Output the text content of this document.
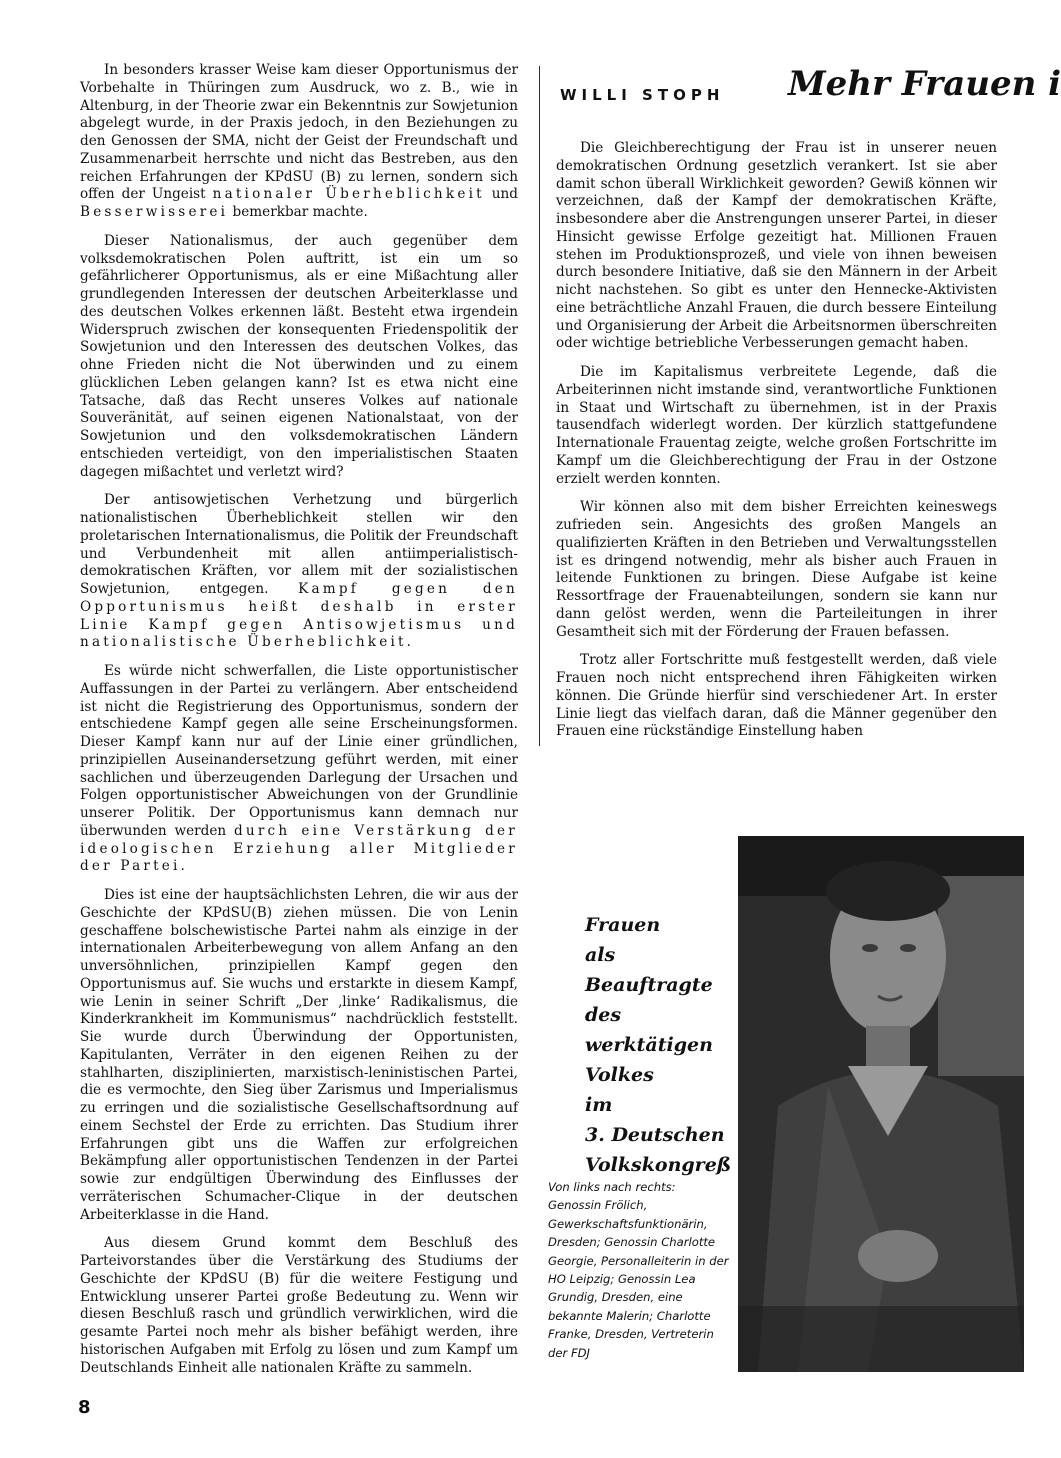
In besonders krasser Weise kam dieser Opportunismus der Vorbehalte in Thüringen zum Ausdruck, wo z. B., wie in Altenburg, in der Theorie zwar ein Bekenntnis zur Sowjetunion abgelegt wurde, in der Praxis jedoch, in den Beziehungen zu den Genossen der SMA, nicht der Geist der Freundschaft und Zusammenarbeit herrschte und nicht das Bestreben, aus den reichen Erfahrungen der KPdSU (B) zu lernen, sondern sich offen der Ungeist nationaler Überheblichkeit und Besserwisserei bemerkbar machte.

Dieser Nationalismus, der auch gegenüber dem volksdemokratischen Polen auftritt, ist ein um so gefährlicherer Opportunismus, als er eine Mißachtung aller grundlegenden Interessen der deutschen Arbeiterklasse und des deutschen Volkes erkennen läßt. Besteht etwa irgendein Widerspruch zwischen der konsequenten Friedenspolitik der Sowjetunion und den Interessen des deutschen Volkes, das ohne Frieden nicht die Not überwinden und zu einem glücklichen Leben gelangen kann? Ist es etwa nicht eine Tatsache, daß das Recht unseres Volkes auf nationale Souveränität, auf seinen eigenen Nationalstaat, von der Sowjetunion und den volksdemokratischen Ländern entschieden verteidigt, von den imperialistischen Staaten dagegen mißachtet und verletzt wird?

Der antisowjetischen Verhetzung und bürgerlich nationalistischen Überheblichkeit stellen wir den proletarischen Internationalismus, die Politik der Freundschaft und Verbundenheit mit allen antiimperialistisch-demokratischen Kräften, vor allem mit der sozialistischen Sowjetunion, entgegen. Kampf gegen den Opportunismus heißt deshalb in erster Linie Kampf gegen Antisowjetismus und nationalistische Überheblichkeit.

Es würde nicht schwerfallen, die Liste opportunistischer Auffassungen in der Partei zu verlängern. Aber entscheidend ist nicht die Registrierung des Opportunismus, sondern der entschiedene Kampf gegen alle seine Erscheinungsformen. Dieser Kampf kann nur auf der Linie einer gründlichen, prinzipiellen Auseinandersetzung geführt werden, mit einer sachlichen und überzeugenden Darlegung der Ursachen und Folgen opportunistischer Abweichungen von der Grundlinie unserer Politik. Der Opportunismus kann demnach nur überwunden werden durch eine Verstärkung der ideologischen Erziehung aller Mitglieder der Partei.

Dies ist eine der hauptsächlichsten Lehren, die wir aus der Geschichte der KPdSU(B) ziehen müssen. Die von Lenin geschaffene bolschewistische Partei nahm als einzige in der internationalen Arbeiterbewegung von allem Anfang an den unversöhnlichen, prinzipiellen Kampf gegen den Opportunismus auf. Sie wuchs und erstarkte in diesem Kampf, wie Lenin in seiner Schrift „Der ‚linke‘ Radikalismus, die Kinderkrankheit im Kommunismus“ nachdrücklich feststellt. Sie wurde durch Überwindung der Opportunisten, Kapitulanten, Verräter in den eigenen Reihen zu der stahlharten, disziplinierten, marxistisch-leninistischen Partei, die es vermochte, den Sieg über Zarismus und Imperialismus zu erringen und die sozialistische Gesellschaftsordnung auf einem Sechstel der Erde zu errichten. Das Studium ihrer Erfahrungen gibt uns die Waffen zur erfolgreichen Bekämpfung aller opportunistischen Tendenzen in der Partei sowie zur endgültigen Überwindung des Einflusses der verräterischen Schumacher-Clique in der deutschen Arbeiterklasse in die Hand.

Aus diesem Grund kommt dem Beschluß des Parteivorstandes über die Verstärkung des Studiums der Geschichte der KPdSU (B) für die weitere Festigung und Entwicklung unserer Partei große Bedeutung zu. Wenn wir diesen Beschluß rasch und gründlich verwirklichen, wird die gesamte Partei noch mehr als bisher befähigt werden, ihre historischen Aufgaben mit Erfolg zu lösen und zum Kampf um Deutschlands Einheit alle nationalen Kräfte zu sammeln.

WILLI STOPH Mehr Frauen i

Die Gleichberechtigung der Frau ist in unserer neuen demokratischen Ordnung gesetzlich verankert. Ist sie aber damit schon überall Wirklichkeit geworden? Gewiß können wir verzeichnen, daß der Kampf der demokratischen Kräfte, insbesondere aber die Anstrengungen unserer Partei, in dieser Hinsicht gewisse Erfolge gezeitigt hat. Millionen Frauen stehen im Produktionsprozeß, und viele von ihnen beweisen durch besondere Initiative, daß sie den Männern in der Arbeit nicht nachstehen. So gibt es unter den Hennecke-Aktivisten eine beträchtliche Anzahl Frauen, die durch bessere Einteilung und Organisierung der Arbeit die Arbeitsnormen überschreiten oder wichtige betriebliche Verbesserungen gemacht haben.

Die im Kapitalismus verbreitete Legende, daß die Arbeiterinnen nicht imstande sind, verantwortliche Funktionen in Staat und Wirtschaft zu übernehmen, ist in der Praxis tausendfach widerlegt worden. Der kürzlich stattgefundene Internationale Frauentag zeigte, welche großen Fortschritte im Kampf um die Gleichberechtigung der Frau in der Ostzone erzielt werden konnten.

Wir können also mit dem bisher Erreichten keineswegs zufrieden sein. Angesichts des großen Mangels an qualifizierten Kräften in den Betrieben und Verwaltungsstellen ist es dringend notwendig, mehr als bisher auch Frauen in leitende Funktionen zu bringen. Diese Aufgabe ist keine Ressortfrage der Frauenabteilungen, sondern sie kann nur dann gelöst werden, wenn die Parteileitungen in ihrer Gesamtheit sich mit der Förderung der Frauen befassen.

Trotz aller Fortschritte muß festgestellt werden, daß viele Frauen noch nicht entsprechend ihren Fähigkeiten wirken können. Die Gründe hierfür sind verschiedener Art. In erster Linie liegt das vielfach daran, daß die Männer gegenüber den Frauen eine rückständige Einstellung haben

Frauen
als
Beauftragte
des
werktätigen
Volkes
im
3. Deutschen
Volkskongreß
Von links nach rechts: Genossin Frölich, Gewerkschaftsfunktionärin, Dresden; Genossin Charlotte Georgie, Personalleiterin in der HO Leipzig; Genossin Lea Grundig, Dresden, eine bekannte Malerin; Charlotte Franke, Dresden, Vertreterin der FDJ
8
